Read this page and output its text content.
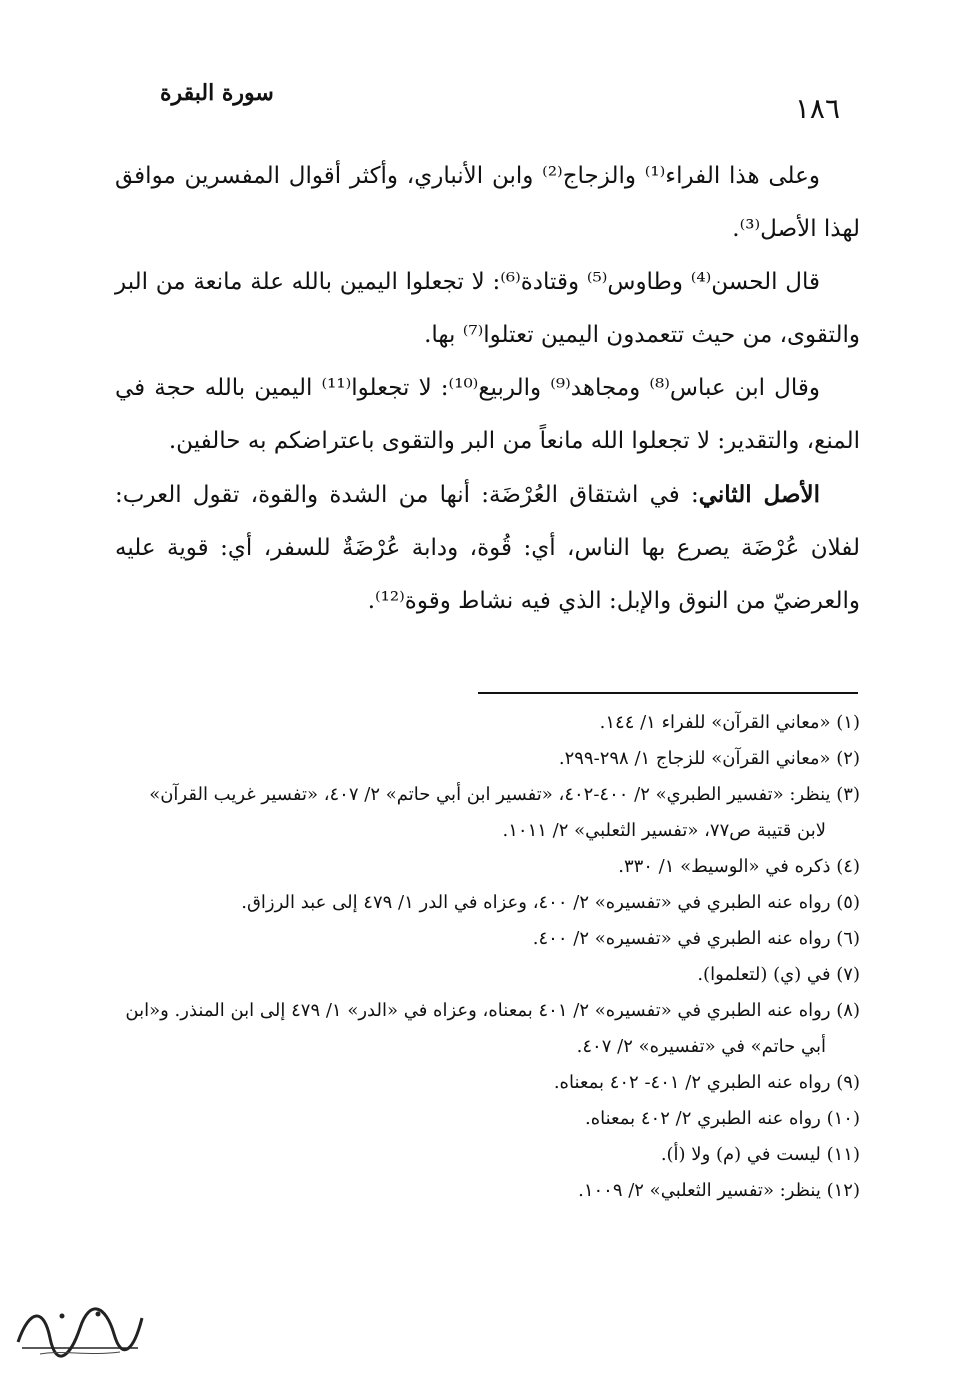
سورة البقرة	١٨٦

وعلى هذا الفراء⁽¹⁾ والزجاج⁽²⁾ وابن الأنباري، وأكثر أقوال المفسرين موافق لهذا الأصل⁽³⁾.

قال الحسن⁽⁴⁾ وطاوس⁽⁵⁾ وقتادة⁽⁶⁾: لا تجعلوا اليمين بالله علة مانعة من البر والتقوى، من حيث تتعمدون اليمين تعتلوا⁽⁷⁾ بها.

وقال ابن عباس⁽⁸⁾ ومجاهد⁽⁹⁾ والربيع⁽¹⁰⁾: لا تجعلوا⁽¹¹⁾ اليمين بالله حجة في المنع، والتقدير: لا تجعلوا الله مانعاً من البر والتقوى باعتراضكم به حالفين.

الأصل الثاني: في اشتقاق العُرْضَة: أنها من الشدة والقوة، تقول العرب: لفلان عُرْضَة يصرع بها الناس، أي: قُوة، ودابة عُرْضَةٌ للسفر، أي: قوية عليه والعرضيّ من النوق والإبل: الذي فيه نشاط وقوة⁽¹²⁾.

(١) «معاني القرآن» للفراء ١/ ١٤٤.

(٢) «معاني القرآن» للزجاج ١/ ٢٩٨-٢٩٩.

(٣) ينظر: «تفسير الطبري» ٢/ ٤٠٠-٤٠٢، «تفسير ابن أبي حاتم» ٢/ ٤٠٧، «تفسير غريب القرآن» لابن قتيبة ص٧٧، «تفسير الثعلبي» ٢/ ١٠١١.

(٤) ذكره في «الوسيط» ١/ ٣٣٠.

(٥) رواه عنه الطبري في «تفسيره» ٢/ ٤٠٠، وعزاه في الدر ١/ ٤٧٩ إلى عبد الرزاق.

(٦) رواه عنه الطبري في «تفسيره» ٢/ ٤٠٠.

(٧) في (ي) (لتعلموا).

(٨) رواه عنه الطبري في «تفسيره» ٢/ ٤٠١ بمعناه، وعزاه في «الدر» ١/ ٤٧٩ إلى ابن المنذر. و«ابن أبي حاتم» في «تفسيره» ٢/ ٤٠٧.

(٩) رواه عنه الطبري ٢/ ٤٠١- ٤٠٢ بمعناه.

(١٠) رواه عنه الطبري ٢/ ٤٠٢ بمعناه.

(١١) ليست في (م) ولا (أ).

(١٢) ينظر: «تفسير الثعلبي» ٢/ ١٠٠٩.
